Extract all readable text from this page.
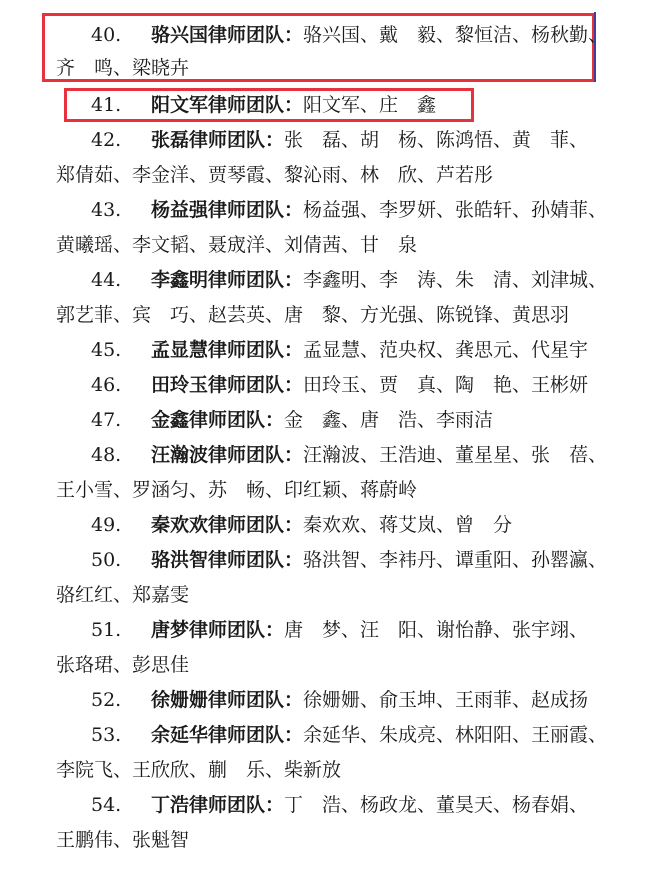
40. 骆兴国律师团队：骆兴国、戴　毅、黎恒洁、杨秋勤、
齐　鸣、梁晓卉
41. 阳文军律师团队：阳文军、庄　鑫
42. 张磊律师团队：张　磊、胡　杨、陈鸿悟、黄　菲、
郑倩茹、李金洋、贾琴霞、黎沁雨、林　欣、芦若彤
43. 杨益强律师团队：杨益强、李罗妍、张皓轩、孙婧菲、
黄曦瑶、李文韬、聂宬洋、刘倩茜、甘　泉
44. 李鑫明律师团队：李鑫明、李　涛、朱　清、刘津城、
郭艺菲、宾　巧、赵芸英、唐　黎、方光强、陈锐锋、黄思羽
45. 孟显慧律师团队：孟显慧、范央权、龚思元、代星宇
46. 田玲玉律师团队：田玲玉、贾　真、陶　艳、王彬妍
47. 金鑫律师团队：金　鑫、唐　浩、李雨洁
48. 汪瀚波律师团队：汪瀚波、王浩迪、董星星、张　蓓、
王小雪、罗涵匀、苏　畅、印红颖、蒋蔚岭
49. 秦欢欢律师团队：秦欢欢、蒋艾岚、曾　分
50. 骆洪智律师团队：骆洪智、李袆丹、谭重阳、孙罂瀛、
骆红红、郑嘉雯
51. 唐梦律师团队：唐　梦、汪　阳、谢怡静、张宇翊、
张珞珺、彭思佳
52. 徐姗姗律师团队：徐姗姗、俞玉坤、王雨菲、赵成扬
53. 余延华律师团队：余延华、朱成亮、林阳阳、王丽霞、
李院飞、王欣欣、蒯　乐、柴新放
54. 丁浩律师团队：丁　浩、杨政龙、董昊天、杨春娟、
王鹏伟、张魁智
